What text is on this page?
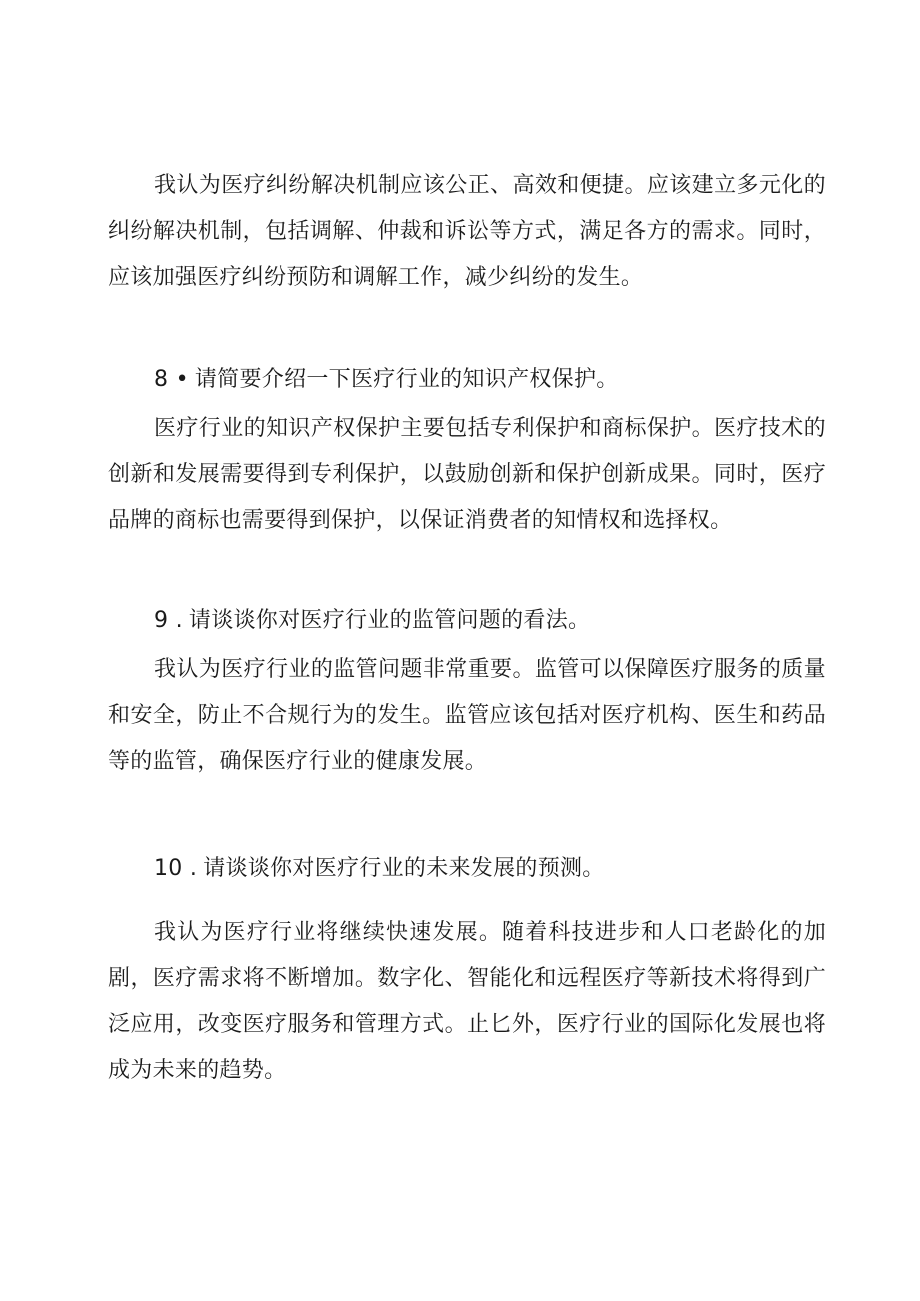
我认为医疗纠纷解决机制应该公正、高效和便捷。应该建立多元化的纠纷解决机制，包括调解、仲裁和诉讼等方式，满足各方的需求。同时，应该加强医疗纠纷预防和调解工作，减少纠纷的发生。

8 • 请简要介绍一下医疗行业的知识产权保护。

医疗行业的知识产权保护主要包括专利保护和商标保护。医疗技术的创新和发展需要得到专利保护，以鼓励创新和保护创新成果。同时，医疗品牌的商标也需要得到保护，以保证消费者的知情权和选择权。

9 . 请谈谈你对医疗行业的监管问题的看法。

我认为医疗行业的监管问题非常重要。监管可以保障医疗服务的质量和安全，防止不合规行为的发生。监管应该包括对医疗机构、医生和药品等的监管，确保医疗行业的健康发展。

10 . 请谈谈你对医疗行业的未来发展的预测。

我认为医疗行业将继续快速发展。随着科技进步和人口老龄化的加剧，医疗需求将不断增加。数字化、智能化和远程医疗等新技术将得到广泛应用，改变医疗服务和管理方式。止匕外，医疗行业的国际化发展也将成为未来的趋势。
